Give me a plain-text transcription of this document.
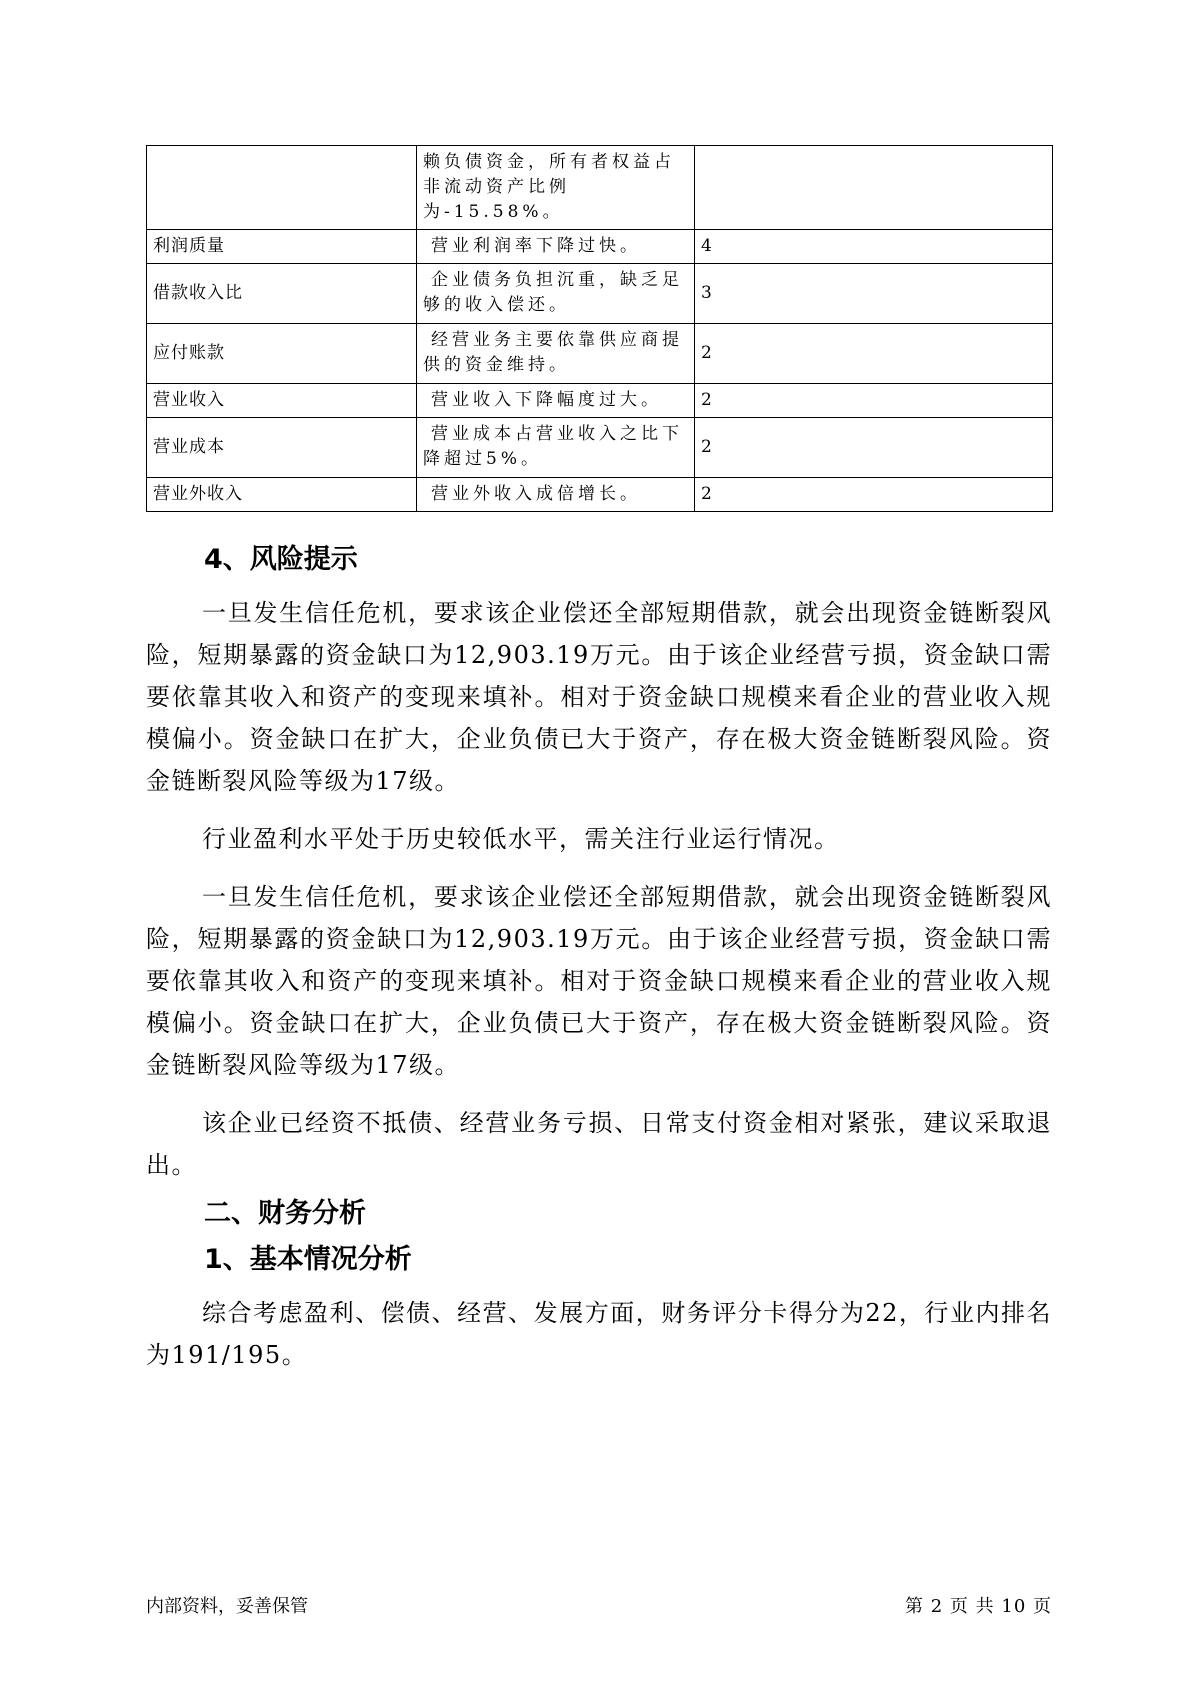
	赖负债资金，所有者权益占非流动资产比例为-15.58%。	
利润质量	营业利润率下降过快。	4
借款收入比	企业债务负担沉重，缺乏足够的收入偿还。	3
应付账款	经营业务主要依靠供应商提供的资金维持。	2
营业收入	营业收入下降幅度过大。	2
营业成本	营业成本占营业收入之比下降超过5%。	2
营业外收入	营业外收入成倍增长。	2
4、风险提示

一旦发生信任危机，要求该企业偿还全部短期借款，就会出现资金链断裂风险，短期暴露的资金缺口为12,903.19万元。由于该企业经营亏损，资金缺口需要依靠其收入和资产的变现来填补。相对于资金缺口规模来看企业的营业收入规模偏小。资金缺口在扩大，企业负债已大于资产，存在极大资金链断裂风险。资金链断裂风险等级为17级。

行业盈利水平处于历史较低水平，需关注行业运行情况。

一旦发生信任危机，要求该企业偿还全部短期借款，就会出现资金链断裂风险，短期暴露的资金缺口为12,903.19万元。由于该企业经营亏损，资金缺口需要依靠其收入和资产的变现来填补。相对于资金缺口规模来看企业的营业收入规模偏小。资金缺口在扩大，企业负债已大于资产，存在极大资金链断裂风险。资金链断裂风险等级为17级。

该企业已经资不抵债、经营业务亏损、日常支付资金相对紧张，建议采取退出。

二、财务分析
1、基本情况分析

综合考虑盈利、偿债、经营、发展方面，财务评分卡得分为22，行业内排名为191/195。

内部资料，妥善保管	第 2 页 共 10 页
